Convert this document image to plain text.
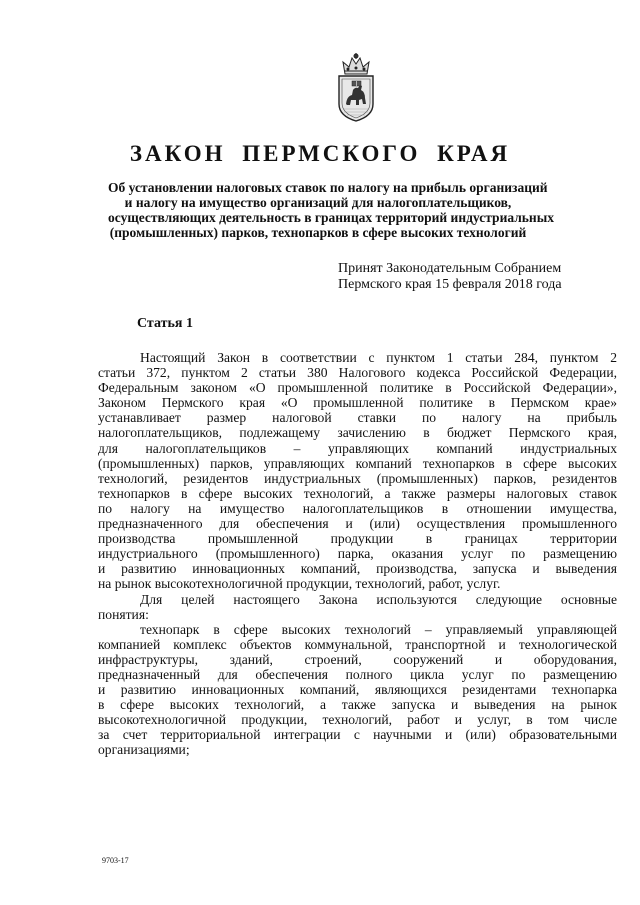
ЗАКОН ПЕРМСКОГО КРАЯ
Об установлении налоговых ставок по налогу на прибыль организаций
и налогу на имущество организаций для налогоплательщиков,
осуществляющих деятельность в границах территорий индустриальных
(промышленных) парков, технопарков в сфере высоких технологий
Принят Законодательным Собранием
Пермского края 15 февраля 2018 года
Статья 1
Настоящий Закон в соответствии с пунктом 1 статьи 284, пунктом 2
статьи 372, пунктом 2 статьи 380 Налогового кодекса Российской Федерации,
Федеральным законом «О промышленной политике в Российской Федерации»,
Законом Пермского края «О промышленной политике в Пермском крае»
устанавливает размер налоговой ставки по налогу на прибыль
налогоплательщиков, подлежащему зачислению в бюджет Пермского края,
для налогоплательщиков – управляющих компаний индустриальных
(промышленных) парков, управляющих компаний технопарков в сфере высоких
технологий, резидентов индустриальных (промышленных) парков, резидентов
технопарков в сфере высоких технологий, а также размеры налоговых ставок
по налогу на имущество налогоплательщиков в отношении имущества,
предназначенного для обеспечения и (или) осуществления промышленного
производства промышленной продукции в границах территории
индустриального (промышленного) парка, оказания услуг по размещению
и развитию инновационных компаний, производства, запуска и выведения
на рынок высокотехнологичной продукции, технологий, работ, услуг.
Для целей настоящего Закона используются следующие основные
понятия:
технопарк в сфере высоких технологий – управляемый управляющей
компанией комплекс объектов коммунальной, транспортной и технологической
инфраструктуры, зданий, строений, сооружений и оборудования,
предназначенный для обеспечения полного цикла услуг по размещению
и развитию инновационных компаний, являющихся резидентами технопарка
в сфере высоких технологий, а также запуска и выведения на рынок
высокотехнологичной продукции, технологий, работ и услуг, в том числе
за счет территориальной интеграции с научными и (или) образовательными
организациями;
9703-17
